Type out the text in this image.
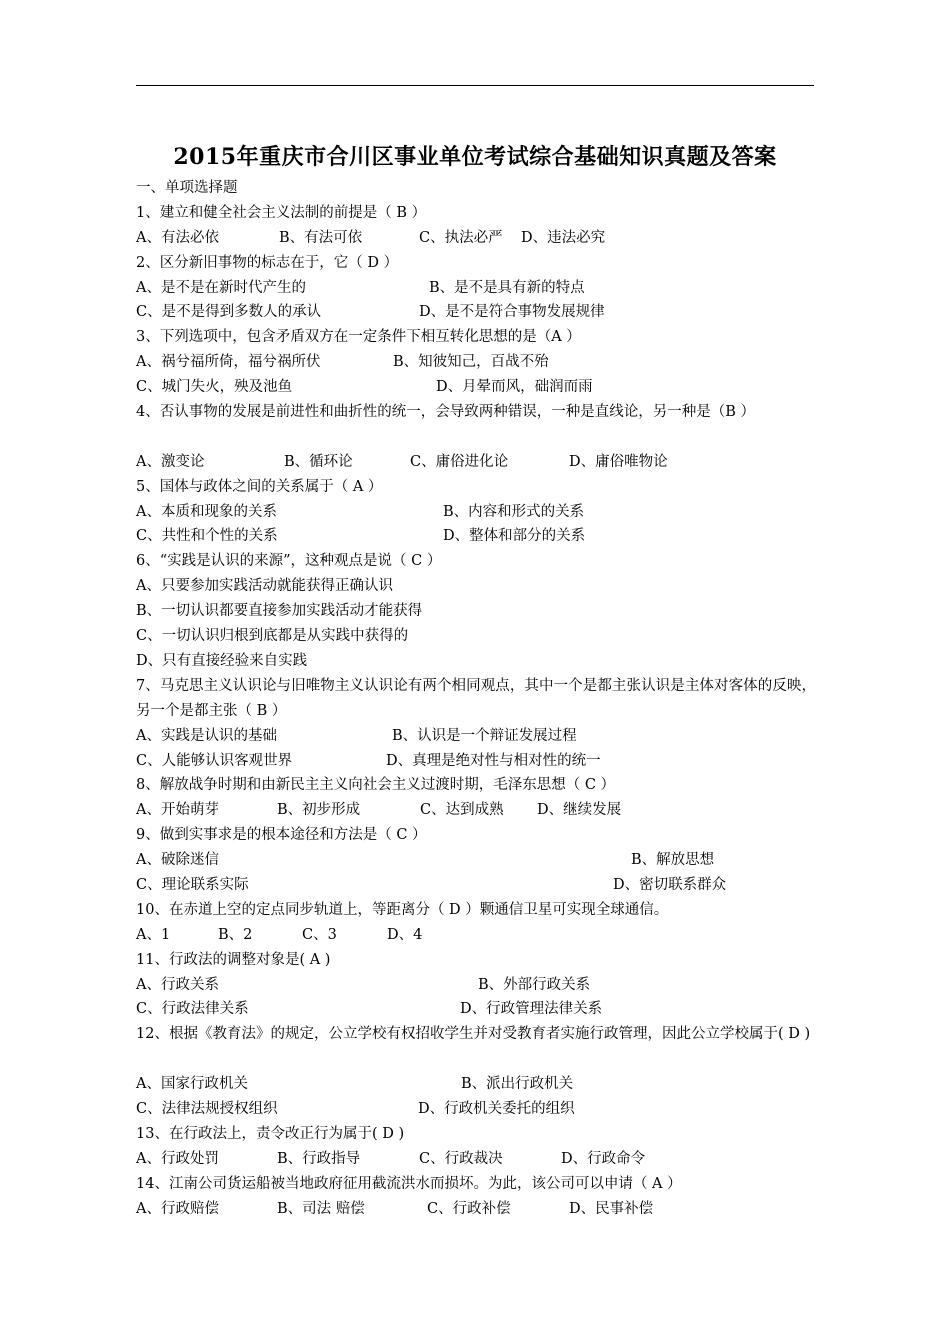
2015年重庆市合川区事业单位考试综合基础知识真题及答案
一、单项选择题
1、建立和健全社会主义法制的前提是（ B ）
A、有法必依	B、有法可依	C、执法必严 D、违法必究
2、区分新旧事物的标志在于，它（ D ）
A、是不是在新时代产生的	B、是不是具有新的特点
C、是不是得到多数人的承认	D、是不是符合事物发展规律
3、下列选项中，包含矛盾双方在一定条件下相互转化思想的是（A ）
A、祸兮福所倚，福兮祸所伏	B、知彼知己，百战不殆
C、城门失火，殃及池鱼	D、月晕而风，础润而雨
4、否认事物的发展是前进性和曲折性的统一，会导致两种错误，一种是直线论，另一种是（B ）
A、激变论	B、循环论	C、庸俗进化论	D、庸俗唯物论
5、国体与政体之间的关系属于（ A ）
A、本质和现象的关系	B、内容和形式的关系
C、共性和个性的关系	D、整体和部分的关系
6、“实践是认识的来源”，这种观点是说（ C ）
A、只要参加实践活动就能获得正确认识
B、一切认识都要直接参加实践活动才能获得
C、一切认识归根到底都是从实践中获得的
D、只有直接经验来自实践
7、马克思主义认识论与旧唯物主义认识论有两个相同观点，其中一个是都主张认识是主体对客体的反映，另一个是都主张（ B ）
A、实践是认识的基础	B、认识是一个辩证发展过程
C、人能够认识客观世界	D、真理是绝对性与相对性的统一
8、解放战争时期和由新民主主义向社会主义过渡时期，毛泽东思想（ C ）
A、开始萌芽	B、初步形成	C、达到成熟 D、继续发展
9、做到实事求是的根本途径和方法是（ C ）
A、破除迷信	B、解放思想
C、理论联系实际	D、密切联系群众
10、在赤道上空的定点同步轨道上，等距离分（ D ）颗通信卫星可实现全球通信。
A、1	B、2	C、3	D、4
11、行政法的调整对象是( A )
A、行政关系	B、外部行政关系
C、行政法律关系	D、行政管理法律关系
12、根据《教育法》的规定，公立学校有权招收学生并对受教育者实施行政管理，因此公立学校属于( D )
A、国家行政机关	B、派出行政机关
C、法律法规授权组织	D、行政机关委托的组织
13、在行政法上，责令改正行为属于( D )
A、行政处罚	B、行政指导	C、行政裁决	D、行政命令
14、江南公司货运船被当地政府征用截流洪水而损坏。为此，该公司可以申请（ A ）
A、行政赔偿	B、司法 赔偿	C、行政补偿	D、民事补偿
